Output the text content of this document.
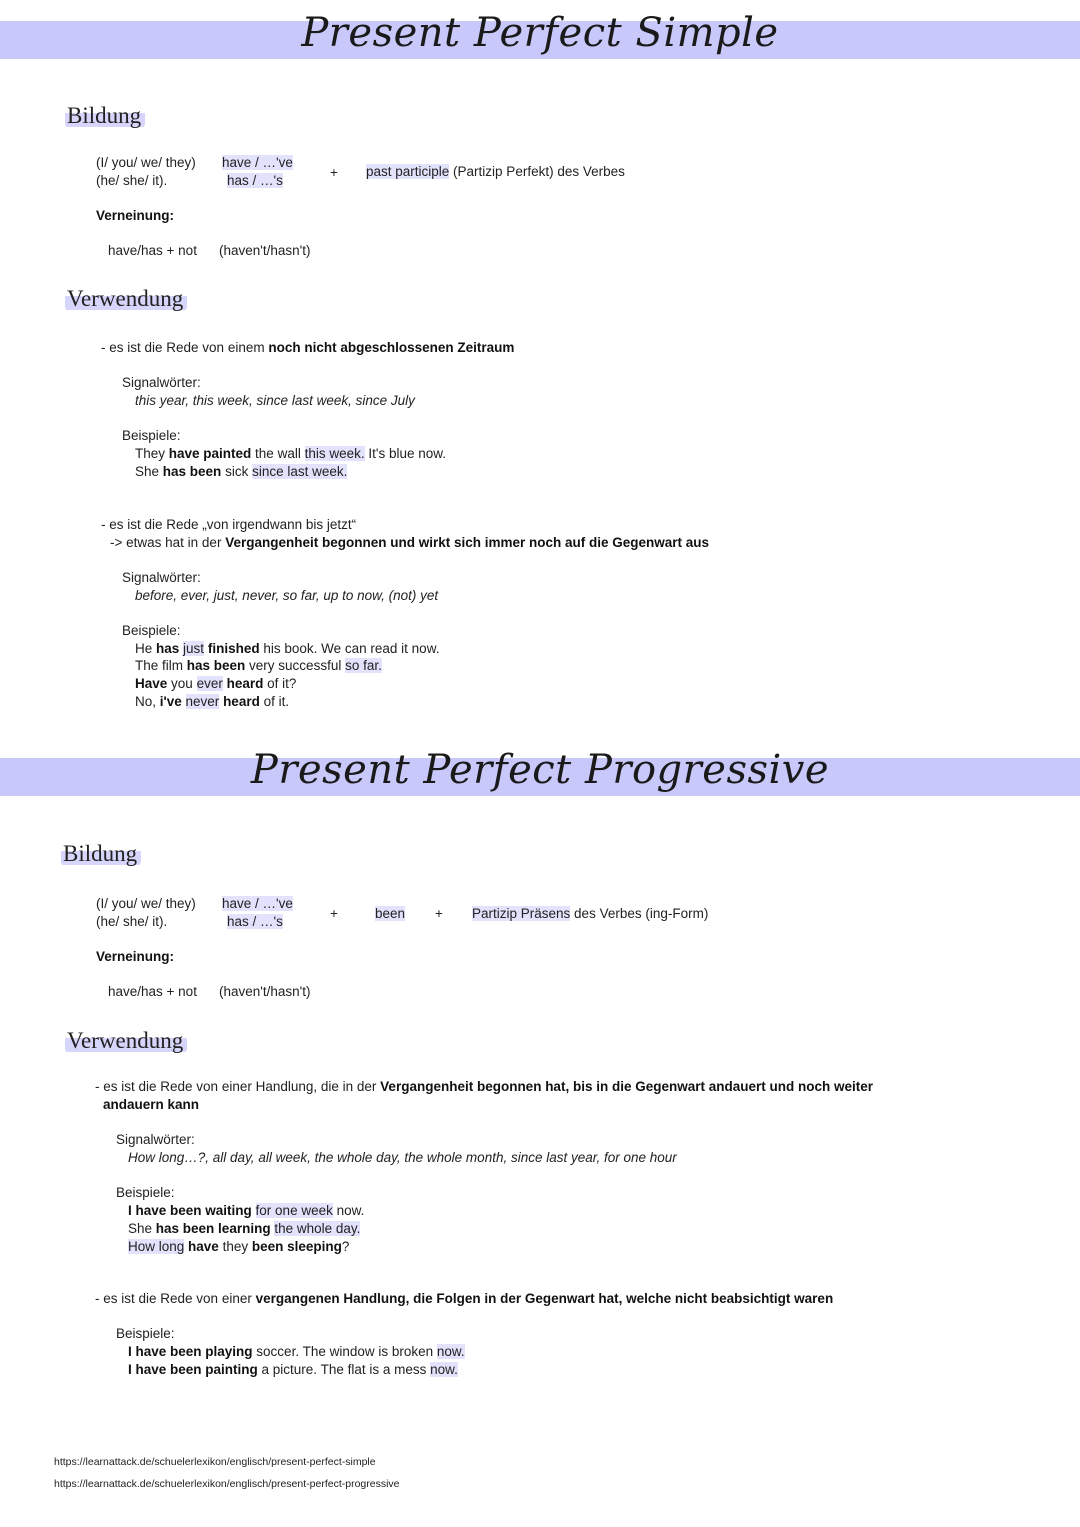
Present Perfect Simple
Bildung
(I/ you/ we/ they)
(he/ she/ it).
have / …'ve
has / …'s
+ past participle (Partizip Perfekt) des Verbes
Verneinung:
have/has + not (haven't/hasn't)
Verwendung
- es ist die Rede von einem noch nicht abgeschlossenen Zeitraum
Signalwörter:
this year, this week, since last week, since July
Beispiele:
They have painted the wall this week. It's blue now.
She has been sick since last week.
- es ist die Rede „von irgendwann bis jetzt“
-> etwas hat in der Vergangenheit begonnen und wirkt sich immer noch auf die Gegenwart aus
Signalwörter:
before, ever, just, never, so far, up to now, (not) yet
Beispiele:
He has just finished his book. We can read it now.
The film has been very successful so far.
Have you ever heard of it?
No, i've never heard of it.
Present Perfect Progressive
Bildung
(I/ you/ we/ they)
(he/ she/ it).
have / …'ve
has / …'s
+	been + Partizip Präsens des Verbes (ing-Form)
Verneinung:
have/has + not (haven't/hasn't)
Verwendung
- es ist die Rede von einer Handlung, die in der Vergangenheit begonnen hat, bis in die Gegenwart andauert und noch weiter
andauern kann
Signalwörter:
How long…?, all day, all week, the whole day, the whole month, since last year, for one hour
Beispiele:
I have been waiting for one week now.
She has been learning the whole day.
How long have they been sleeping?
- es ist die Rede von einer vergangenen Handlung, die Folgen in der Gegenwart hat, welche nicht beabsichtigt waren
Beispiele:
I have been playing soccer. The window is broken now.
I have been painting a picture. The flat is a mess now.
https://learnattack.de/schuelerlexikon/englisch/present-perfect-simple
https://learnattack.de/schuelerlexikon/englisch/present-perfect-progressive
